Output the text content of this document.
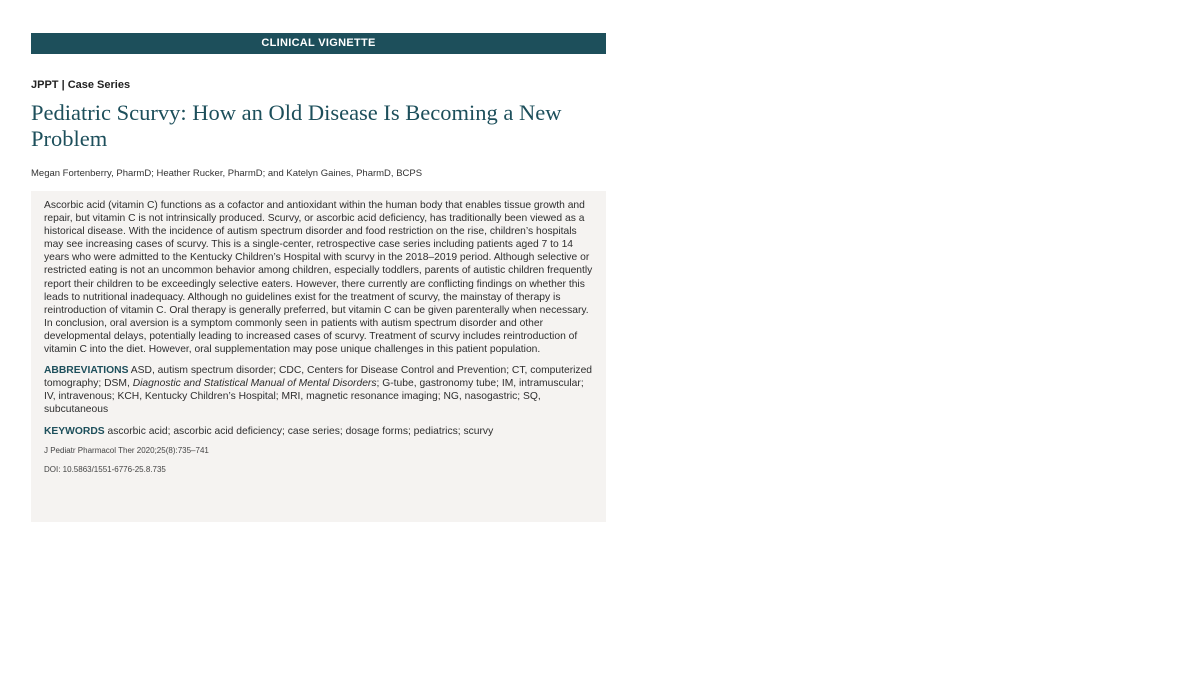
CLINICAL VIGNETTE
JPPT | Case Series
Pediatric Scurvy: How an Old Disease Is Becoming a New Problem
Megan Fortenberry, PharmD; Heather Rucker, PharmD; and Katelyn Gaines, PharmD, BCPS

Ascorbic acid (vitamin C) functions as a cofactor and antioxidant within the human body that enables tissue growth and repair, but vitamin C is not intrinsically produced. Scurvy, or ascorbic acid deficiency, has traditionally been viewed as a historical disease. With the incidence of autism spectrum disorder and food restriction on the rise, children’s hospitals may see increasing cases of scurvy. This is a single-center, retrospective case series including patients aged 7 to 14 years who were admitted to the Kentucky Children’s Hospital with scurvy in the 2018–2019 period. Although selective or restricted eating is not an uncommon behavior among children, especially toddlers, parents of autistic children frequently report their children to be exceedingly selective eaters. However, there currently are conflicting findings on whether this leads to nutritional inadequacy. Although no guidelines exist for the treatment of scurvy, the mainstay of therapy is reintroduction of vitamin C. Oral therapy is generally preferred, but vitamin C can be given parenterally when necessary. In conclusion, oral aversion is a symptom commonly seen in patients with autism spectrum disorder and other developmental delays, potentially leading to increased cases of scurvy. Treatment of scurvy includes reintroduction of vitamin C into the diet. However, oral supplementation may pose unique challenges in this patient population.

ABBREVIATIONS ASD, autism spectrum disorder; CDC, Centers for Disease Control and Prevention; CT, computerized tomography; DSM, Diagnostic and Statistical Manual of Mental Disorders; G-tube, gastronomy tube; IM, intramuscular; IV, intravenous; KCH, Kentucky Children’s Hospital; MRI, magnetic resonance imaging; NG, nasogastric; SQ, subcutaneous
KEYWORDS ascorbic acid; ascorbic acid deficiency; case series; dosage forms; pediatrics; scurvy
J Pediatr Pharmacol Ther 2020;25(8):735–741
DOI: 10.5863/1551-6776-25.8.735
